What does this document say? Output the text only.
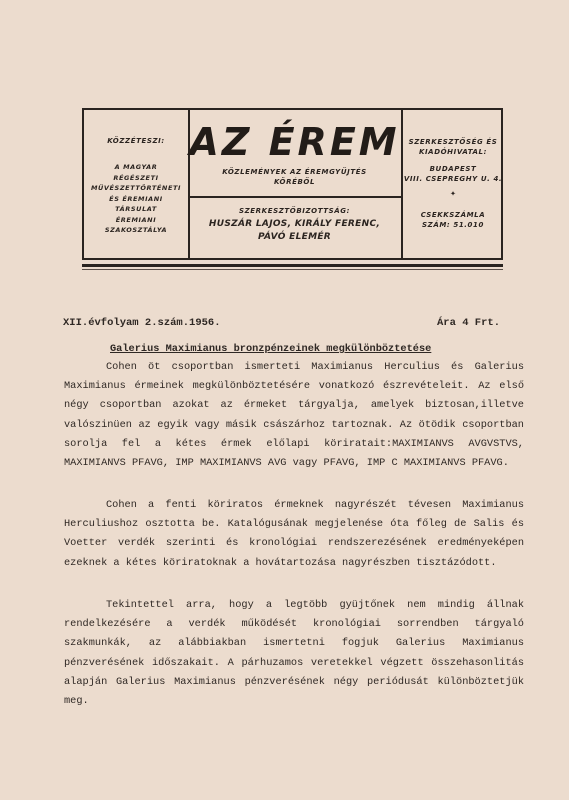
KÖZZÉTESZI:
A MAGYAR
RÉGÉSZETI
MŰVÉSZETTÖRTÉNETI
ÉS ÉREMIANI
TÁRSULAT
ÉREMIANI
SZAKOSZTÁLYA
AZ ÉREM
KÖZLEMÉNYEK AZ ÉREMGYŰJTÉS
KÖRÉBŐL
SZERKESZTŐBIZOTTSÁG:
HUSZÁR LAJOS, KIRÁLY FERENC,
PÁVÓ ELEMÉR
SZERKESZTŐSÉG ÉS
KIADÓHIVATAL:
BUDAPEST
VIII. CSEPREGHY U. 4.
✦
CSEKKSZÁMLA
SZÁM: 51.010
XII.évfolyam 2.szám.1956.	Ára 4 Frt.
Galerius Maximianus bronzpénzeinek megkülönböztetése
Cohen öt csoportban ismerteti Maximianus Herculius és Galerius Maximianus érmeinek megkülönböztetésére vonatkozó észrevételeit. Az első négy csoportban azokat az érmeket tárgyalja, amelyek biztosan,illetve valószinüen az egyik vagy másik császárhoz tartoznak. Az ötödik csoportban sorolja fel a kétes érmek előlapi köriratait:MAXIMIANVS AVGVSTVS, MAXIMIANVS PFAVG, IMP MAXIMIANVS AVG vagy PFAVG, IMP C MAXIMIANVS PFAVG.
Cohen a fenti köriratos érmeknek nagyrészét tévesen Maximianus Herculiushoz osztotta be. Katalógusának megjelenése óta főleg de Salis és Voetter verdék szerinti és kronológiai rendszerezésének eredményeképen ezeknek a kétes köriratoknak a hovátartozása nagyrészben tisztázódott.
Tekintettel arra, hogy a legtöbb gyüjtőnek nem mindig állnak rendelkezésére a verdék működését kronológiai sorrendben tárgyaló szakmunkák, az alábbiakban ismertetni fogjuk Galerius Maximianus pénzverésének időszakait. A párhuzamos veretekkel végzett összehasonlitás alapján Galerius Maximianus pénzverésének négy periódusát különböztetjük meg.
